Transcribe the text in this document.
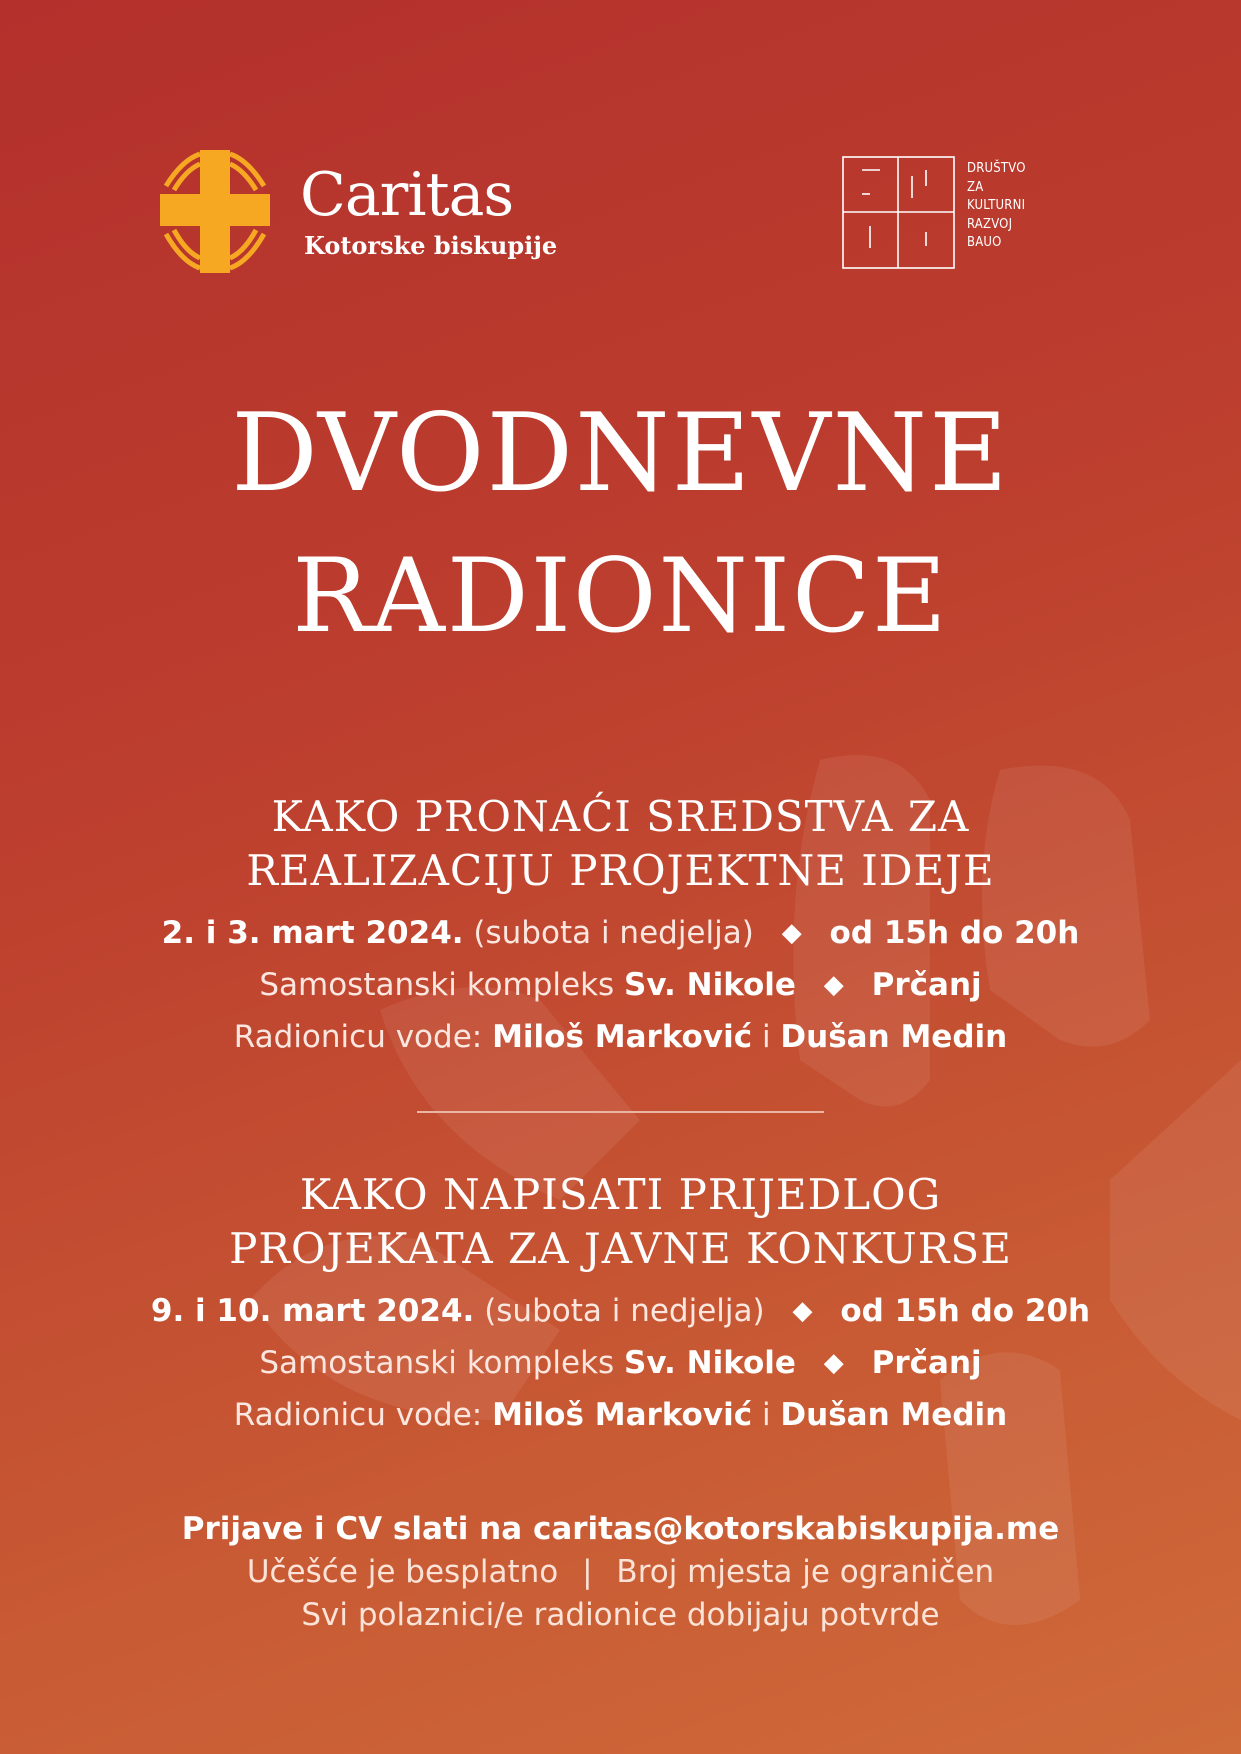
Caritas
Kotorske biskupije
DRUŠTVO
ZA
KULTURNI
RAZVOJ
BAUO
DVODNEVNE
RADIONICE
KAKO PRONAĆI SREDSTVA ZA
REALIZACIJU PROJEKTNE IDEJE
2. i 3. mart 2024. (subota i nedjelja) ◆ od 15h do 20h
Samostanski kompleks Sv. Nikole ◆ Prčanj
Radionicu vode: Miloš Marković i Dušan Medin
KAKO NAPISATI PRIJEDLOG
PROJEKATA ZA JAVNE KONKURSE
9. i 10. mart 2024. (subota i nedjelja) ◆ od 15h do 20h
Samostanski kompleks Sv. Nikole ◆ Prčanj
Radionicu vode: Miloš Marković i Dušan Medin
Prijave i CV slati na caritas@kotorskabiskupija.me
Učešće je besplatno | Broj mjesta je ograničen
Svi polaznici/e radionice dobijaju potvrde
